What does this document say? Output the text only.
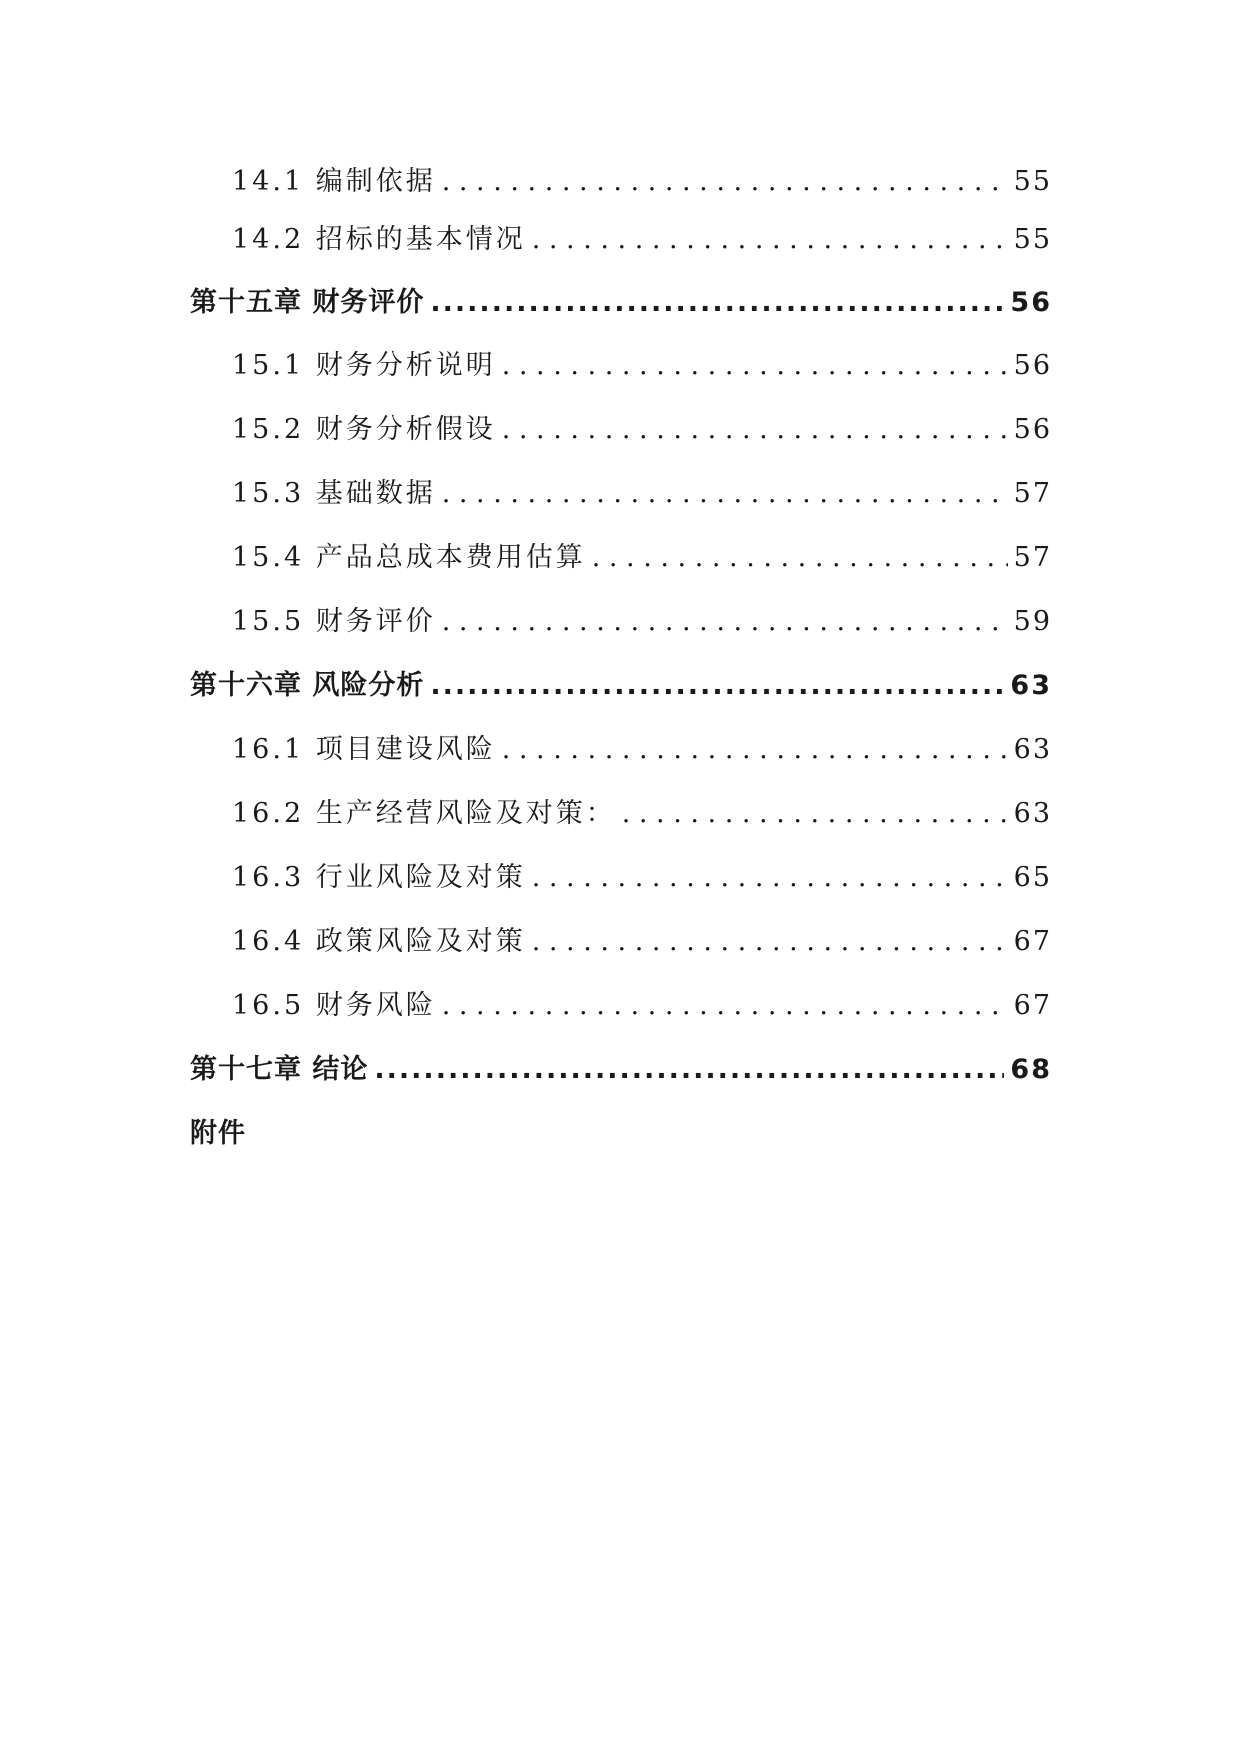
14.1 编制依据 . . .	55
14.2 招标的基本情况 . . .	55
第十五章 财务评价 .....	56
15.1 财务分析说明 . . .	56
15.2 财务分析假设 . . .	56
15.3 基础数据 . . .	57
15.4 产品总成本费用估算 . . .	57
15.5 财务评价 . . .	59
第十六章 风险分析 .....	63
16.1 项目建设风险 . . .	63
16.2 生产经营风险及对策： . . .	63
16.3 行业风险及对策 . . .	65
16.4 政策风险及对策 . . .	67
16.5 财务风险 . . .	67
第十七章 结论 .....	68
附件
